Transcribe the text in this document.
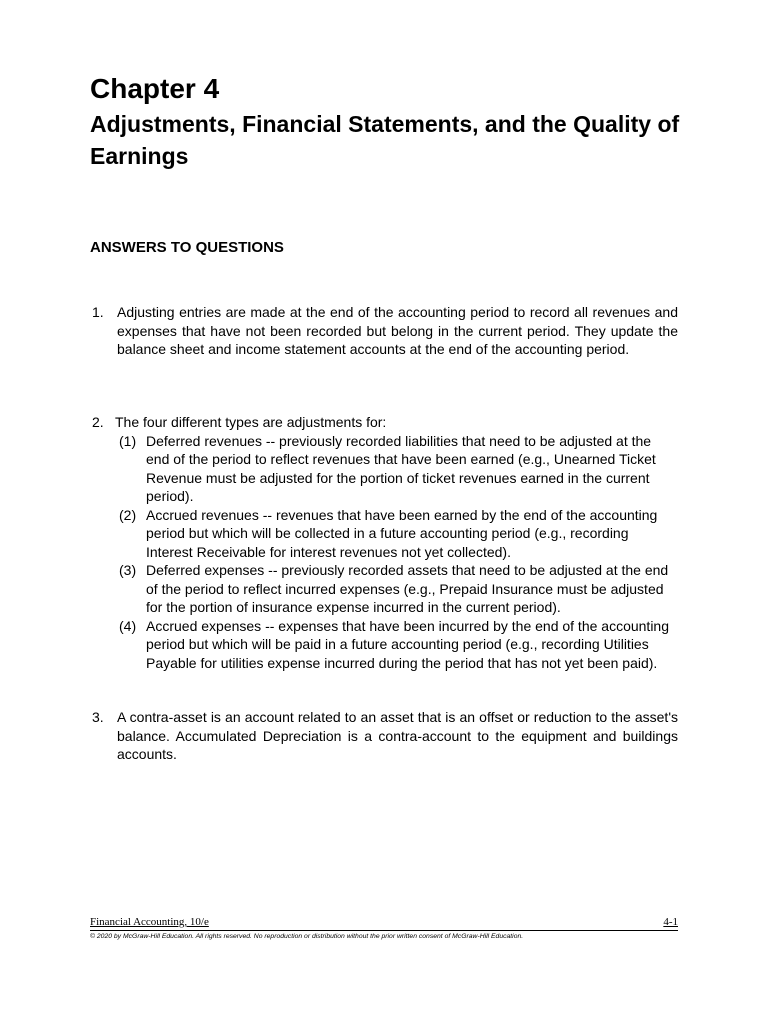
Chapter 4
Adjustments, Financial Statements, and the Quality of Earnings
ANSWERS TO QUESTIONS
1. Adjusting entries are made at the end of the accounting period to record all revenues and expenses that have not been recorded but belong in the current period. They update the balance sheet and income statement accounts at the end of the accounting period.
2. The four different types are adjustments for:
(1) Deferred revenues -- previously recorded liabilities that need to be adjusted at the end of the period to reflect revenues that have been earned (e.g., Unearned Ticket Revenue must be adjusted for the portion of ticket revenues earned in the current period).
(2) Accrued revenues -- revenues that have been earned by the end of the accounting period but which will be collected in a future accounting period (e.g., recording Interest Receivable for interest revenues not yet collected).
(3) Deferred expenses -- previously recorded assets that need to be adjusted at the end of the period to reflect incurred expenses (e.g., Prepaid Insurance must be adjusted for the portion of insurance expense incurred in the current period).
(4) Accrued expenses -- expenses that have been incurred by the end of the accounting period but which will be paid in a future accounting period (e.g., recording Utilities Payable for utilities expense incurred during the period that has not yet been paid).
3. A contra-asset is an account related to an asset that is an offset or reduction to the asset's balance. Accumulated Depreciation is a contra-account to the equipment and buildings accounts.
Financial Accounting, 10/e	4-1
© 2020 by McGraw-Hill Education. All rights reserved. No reproduction or distribution without the prior written consent of McGraw-Hill Education.
